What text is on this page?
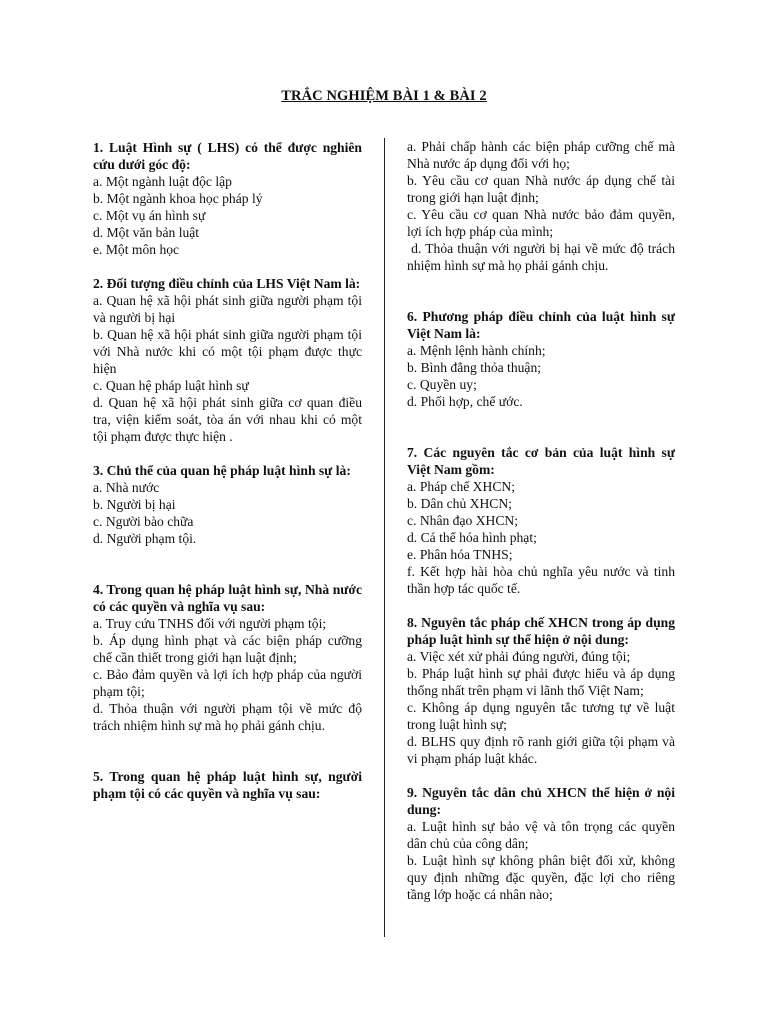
TRẮC NGHIỆM BÀI 1 & BÀI 2
1. Luật Hình sự ( LHS) có thể được nghiên cứu dưới góc độ:
a. Một ngành luật độc lập
b. Một ngành khoa học pháp lý
c. Một vụ án hình sự
d. Một văn bản luật
e. Một môn học
2. Đối tượng điều chỉnh của LHS Việt Nam là:
a. Quan hệ xã hội phát sinh giữa người phạm tội và người bị hại
b. Quan hệ xã hội phát sinh giữa người phạm tội với Nhà nước khi có một tội phạm được thực hiện
c. Quan hệ pháp luật hình sự
d. Quan hệ xã hội phát sinh giữa cơ quan điều tra, viện kiểm soát, tòa án với nhau khi có một tội phạm được thực hiện .
3. Chủ thể của quan hệ pháp luật hình sự là:
a. Nhà nước
b. Người bị hại
c. Người bào chữa
d. Người phạm tội.
4. Trong quan hệ pháp luật hình sự, Nhà nước có các quyền và nghĩa vụ sau:
a. Truy cứu TNHS đối với người phạm tội;
b. Áp dụng hình phạt và các biện pháp cưỡng chế cần thiết trong giới hạn luật định;
c. Bảo đảm quyền và lợi ích hợp pháp của người phạm tội;
d. Thỏa thuận với người phạm tội về mức độ trách nhiệm hình sự mà họ phải gánh chịu.
5. Trong quan hệ pháp luật hình sự, người phạm tội có các quyền và nghĩa vụ sau:
a. Phải chấp hành các biện pháp cưỡng chế mà Nhà nước áp dụng đối với họ;
b. Yêu cầu cơ quan Nhà nước áp dụng chế tài trong giới hạn luật định;
c. Yêu cầu cơ quan Nhà nước bảo đảm quyền, lợi ích hợp pháp của mình;
d. Thỏa thuận với người bị hại về mức độ trách nhiệm hình sự mà họ phải gánh chịu.
6. Phương pháp điều chỉnh của luật hình sự Việt Nam là:
a. Mệnh lệnh hành chính;
b. Bình đẳng thỏa thuận;
c. Quyền uy;
d. Phối hợp, chế ước.
7. Các nguyên tắc cơ bản của luật hình sự Việt Nam gồm:
a. Pháp chế XHCN;
b. Dân chủ XHCN;
c. Nhân đạo XHCN;
d. Cá thể hóa hình phạt;
e. Phân hóa TNHS;
f. Kết hợp hài hòa chủ nghĩa yêu nước và tinh thần hợp tác quốc tế.
8. Nguyên tắc pháp chế XHCN trong áp dụng pháp luật hình sự thể hiện ở nội dung:
a. Việc xét xử phải đúng người, đúng tội;
b. Pháp luật hình sự phải được hiểu và áp dụng thống nhất trên phạm vi lãnh thổ Việt Nam;
c. Không áp dụng nguyên tắc tương tự về luật trong luật hình sự;
d. BLHS quy định rõ ranh giới giữa tội phạm và vi phạm pháp luật khác.
9. Nguyên tắc dân chủ XHCN thể hiện ở nội dung:
a. Luật hình sự bảo vệ và tôn trọng các quyền dân chủ của công dân;
b. Luật hình sự không phân biệt đối xử, không quy định những đặc quyền, đặc lợi cho riêng tầng lớp hoặc cá nhân nào;
